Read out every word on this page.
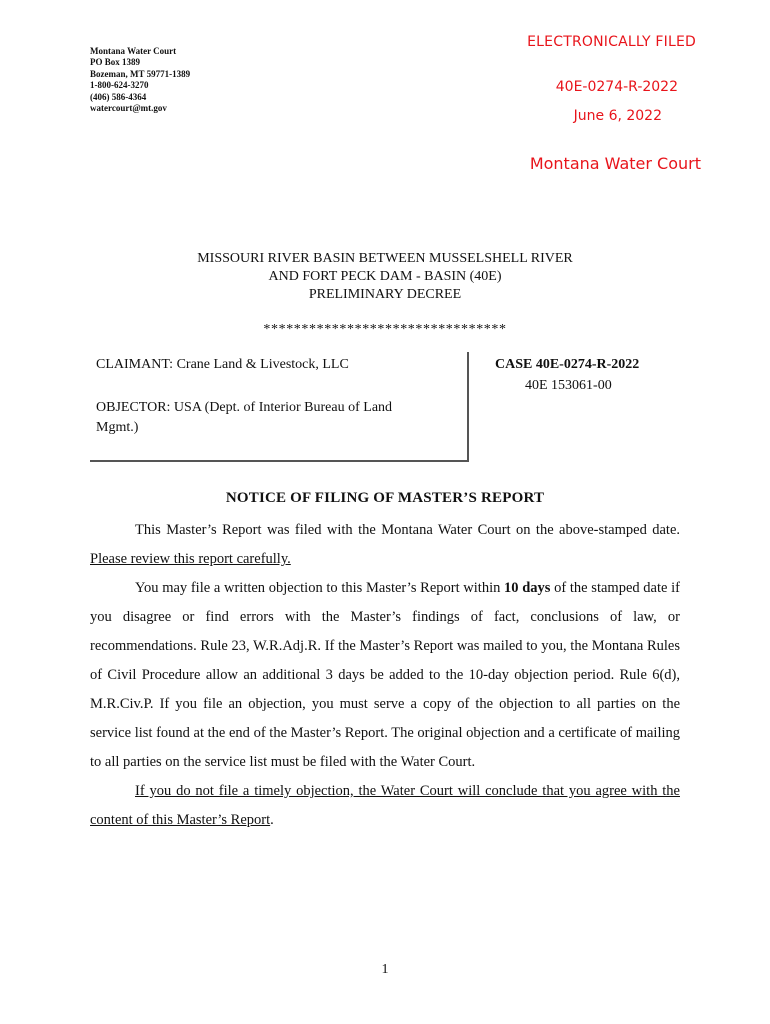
Montana Water Court
PO Box 1389
Bozeman, MT 59771-1389
1-800-624-3270
(406) 586-4364
watercourt@mt.gov
ELECTRONICALLY FILED
40E-0274-R-2022
June 6, 2022
Montana Water Court
MISSOURI RIVER BASIN BETWEEN MUSSELSHELL RIVER
AND FORT PECK DAM - BASIN (40E)
PRELIMINARY DECREE
********************************
CLAIMANT: Crane Land & Livestock, LLC
OBJECTOR: USA (Dept. of Interior Bureau of Land Mgmt.)
CASE 40E-0274-R-2022
40E 153061-00
NOTICE OF FILING OF MASTER’S REPORT

This Master’s Report was filed with the Montana Water Court on the above-stamped date. Please review this report carefully.

You may file a written objection to this Master’s Report within 10 days of the stamped date if you disagree or find errors with the Master’s findings of fact, conclusions of law, or recommendations. Rule 23, W.R.Adj.R. If the Master’s Report was mailed to you, the Montana Rules of Civil Procedure allow an additional 3 days be added to the 10-day objection period. Rule 6(d), M.R.Civ.P. If you file an objection, you must serve a copy of the objection to all parties on the service list found at the end of the Master’s Report. The original objection and a certificate of mailing to all parties on the service list must be filed with the Water Court.

If you do not file a timely objection, the Water Court will conclude that you agree with the content of this Master’s Report.

1
